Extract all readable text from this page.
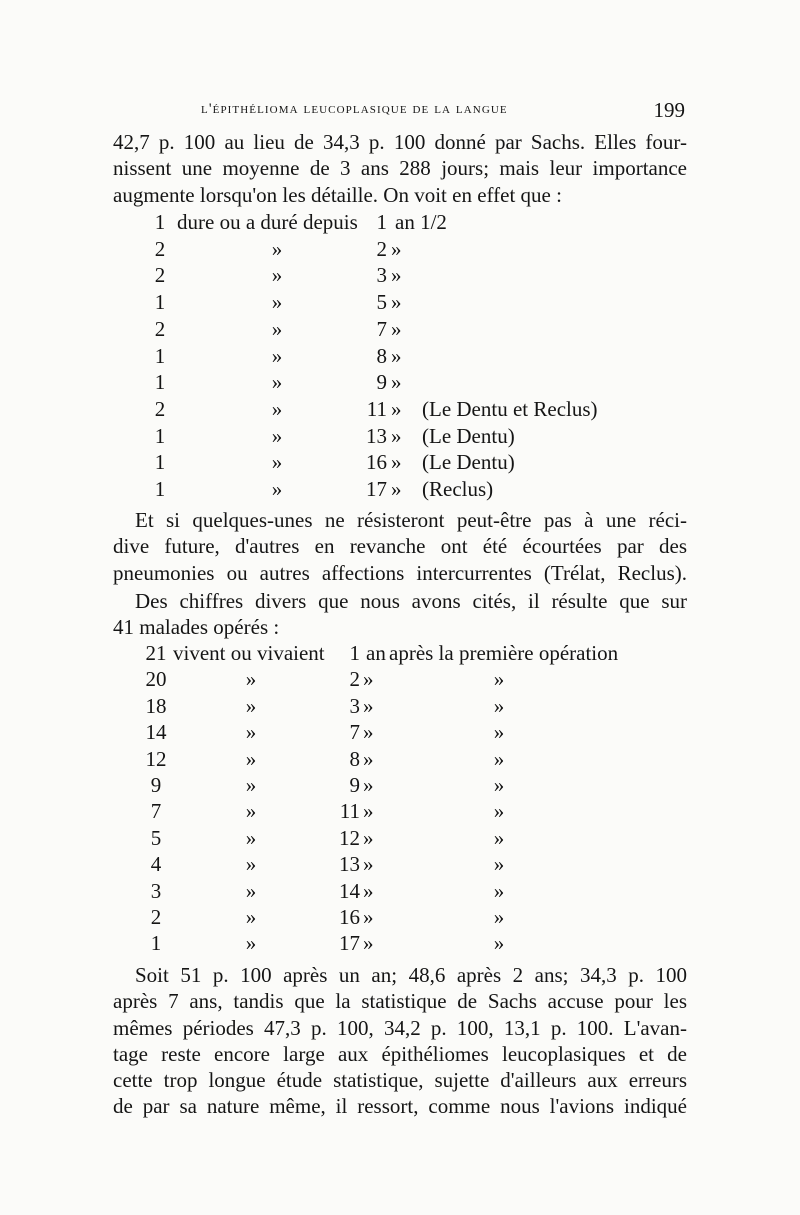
l'épithélioma leucoplasique de la langue	199
42,7 p. 100 au lieu de 34,3 p. 100 donné par Sachs. Elles four-
nissent une moyenne de 3 ans 288 jours; mais leur importance
augmente lorsqu'on les détaille. On voit en effet que :
1 dure ou a duré depuis 1 an 1/2
2	»	2 »
2	»	3 »
1	»	5 »
2	»	7 »
1	»	8 »
1	»	9 »
2	»	11 » (Le Dentu et Reclus)
1	»	13 » (Le Dentu)
1	»	16 » (Le Dentu)
1	»	17 » (Reclus)
Et si quelques-unes ne résisteront peut-être pas à une réci-
dive future, d'autres en revanche ont été écourtées par des
pneumonies ou autres affections intercurrentes (Trélat, Reclus).
Des chiffres divers que nous avons cités, il résulte que sur
41 malades opérés :
21 vivent ou vivaient	1 an après la première opération
20	»	2 »	»
18	»	3 »	»
14	»	7 »	»
12	»	8 »	»
9	»	9 »	»
7	»	11 »	»
5	»	12 »	»
4	»	13 »	»
3	»	14 »	»
2	»	16 »	»
1	»	17 »	»
Soit 51 p. 100 après un an; 48,6 après 2 ans; 34,3 p. 100
après 7 ans, tandis que la statistique de Sachs accuse pour les
mêmes périodes 47,3 p. 100, 34,2 p. 100, 13,1 p. 100. L'avan-
tage reste encore large aux épithéliomes leucoplasiques et de
cette trop longue étude statistique, sujette d'ailleurs aux erreurs
de par sa nature même, il ressort, comme nous l'avions indiqué
